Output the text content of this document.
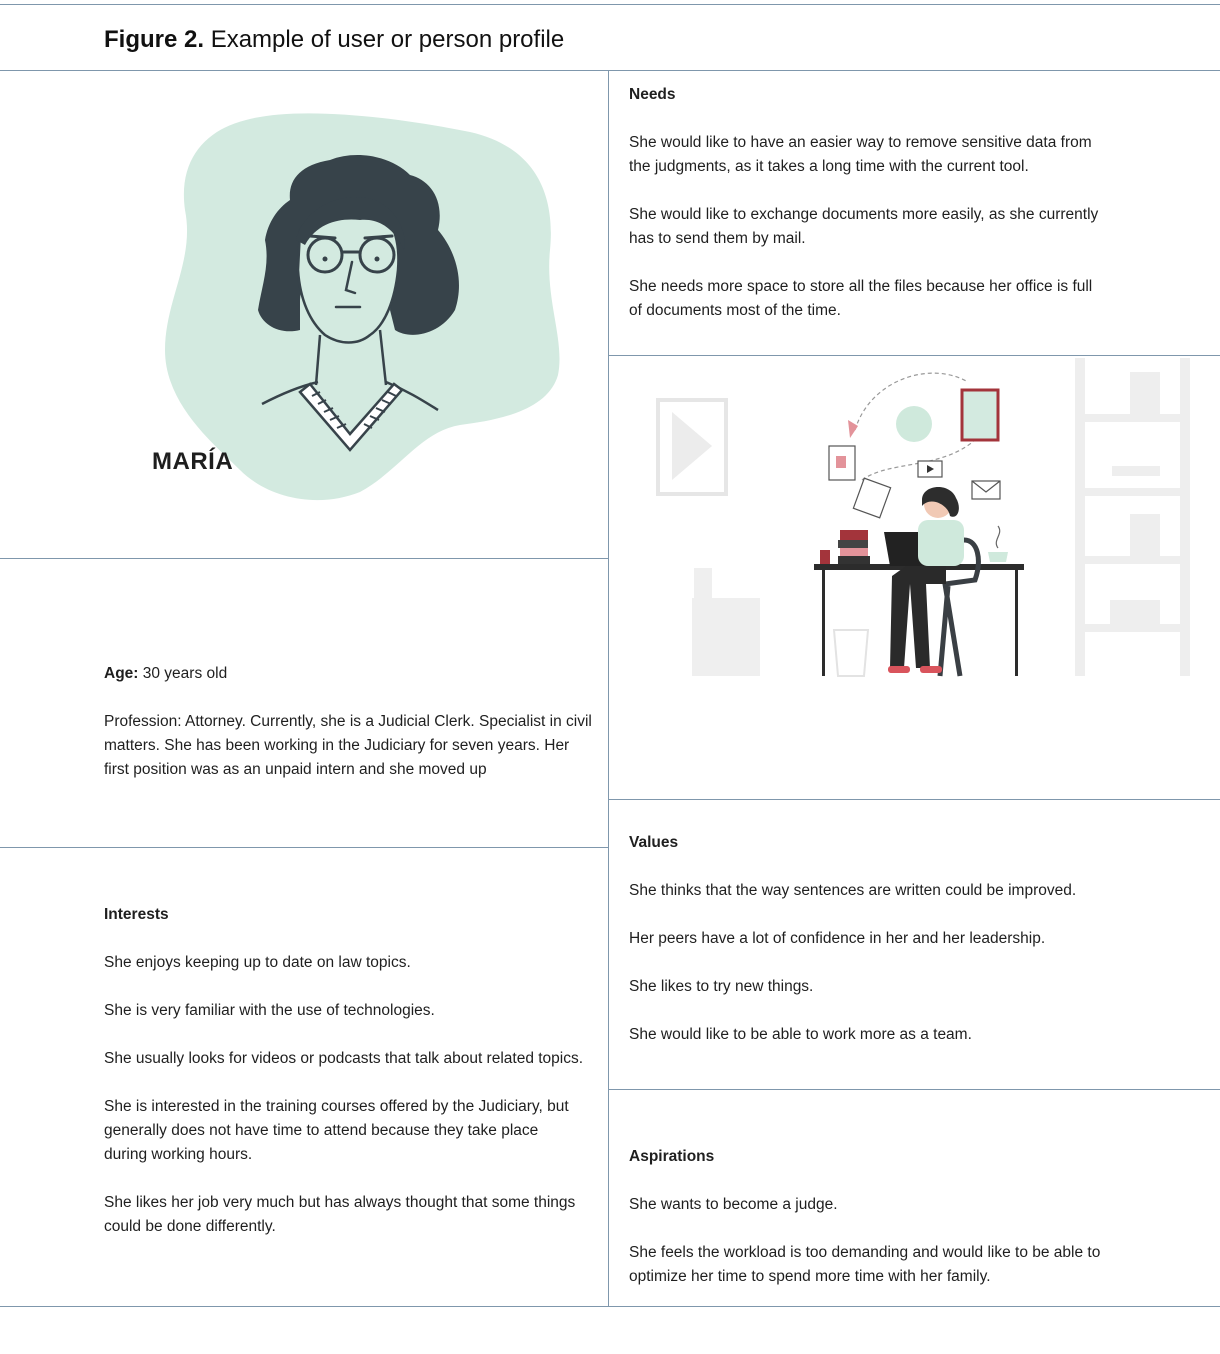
Figure 2. Example of user or person profile
MARÍA
Needs

She would like to have an easier way to remove sensitive data from the judgments, as it takes a long time with the current tool.

She would like to exchange documents more easily, as she currently has to send them by mail.

She needs more space to store all the files because her office is full of documents most of the time.

Age: 30 years old

Profession: Attorney. Currently, she is a Judicial Clerk. Specialist in civil matters. She has been working in the Judiciary for seven years. Her first position was as an unpaid intern and she moved up

Values

She thinks that the way sentences are written could be improved.

Her peers have a lot of confidence in her and her leadership.

She likes to try new things.

She would like to be able to work more as a team.

Interests

She enjoys keeping up to date on law topics.

She is very familiar with the use of technologies.

She usually looks for videos or podcasts that talk about related topics.

She is interested in the training courses offered by the Judiciary, but generally does not have time to attend because they take place during working hours.

She likes her job very much but has always thought that some things could be done differently.

Aspirations

She wants to become a judge.

She feels the workload is too demanding and would like to be able to optimize her time to spend more time with her family.
